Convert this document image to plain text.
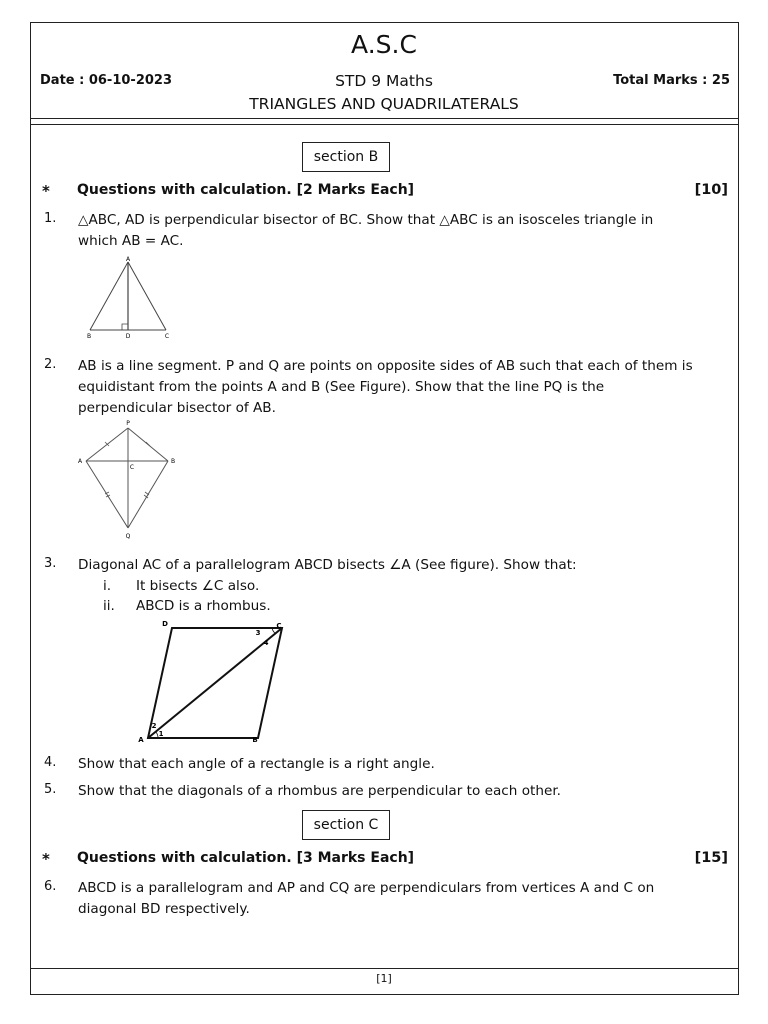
A.S.C
Date : 06-10-2023	STD 9 Maths	Total Marks : 25
TRIANGLES AND QUADRILATERALS
section B
* Questions with calculation. [2 Marks Each]	[10]
1. △ABC, AD is perpendicular bisector of BC. Show that △ABC is an isosceles triangle in
which AB = AC.
A
B	D	C
2. AB is a line segment. P and Q are points on opposite sides of AB such that each of them is
equidistant from the points A and B (See Figure). Show that the line PQ is the
perpendicular bisector of AB.
P
A
C
B
Q
3. Diagonal AC of a parallelogram ABCD bisects ∠A (See figure). Show that:
i. It bisects ∠C also.
ii. ABCD is a rhombus.
D	C
A	B
1
2
3
4
4. Show that each angle of a rectangle is a right angle.
5. Show that the diagonals of a rhombus are perpendicular to each other.
section C
* Questions with calculation. [3 Marks Each]	[15]
6. ABCD is a parallelogram and AP and CQ are perpendiculars from vertices A and C on
diagonal BD respectively.
[1]
